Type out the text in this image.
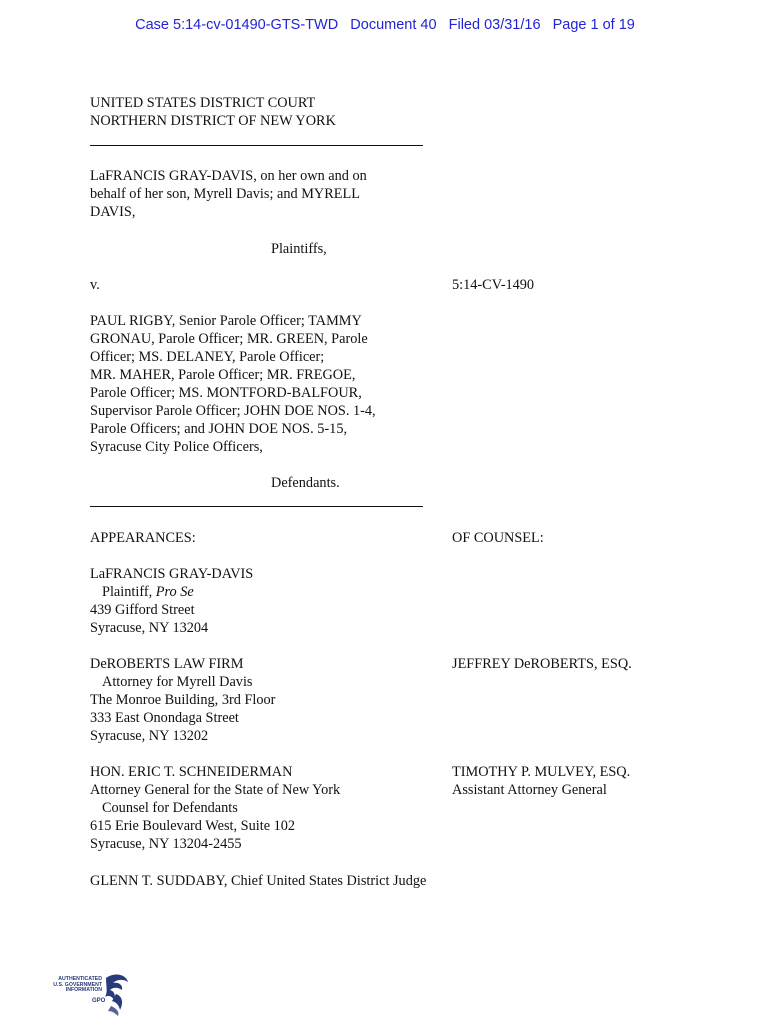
Case 5:14-cv-01490-GTS-TWD   Document 40   Filed 03/31/16   Page 1 of 19
UNITED STATES DISTRICT COURT
NORTHERN DISTRICT OF NEW YORK
LaFRANCIS GRAY-DAVIS, on her own and on
behalf of her son, Myrell Davis; and MYRELL
DAVIS,
Plaintiffs,
v.	5:14-CV-1490
PAUL RIGBY, Senior Parole Officer; TAMMY
GRONAU, Parole Officer; MR. GREEN, Parole
Officer; MS. DELANEY, Parole Officer;
MR. MAHER, Parole Officer; MR. FREGOE,
Parole Officer; MS. MONTFORD-BALFOUR,
Supervisor Parole Officer; JOHN DOE NOS. 1-4,
Parole Officers; and JOHN DOE NOS. 5-15,
Syracuse City Police Officers,
Defendants.
APPEARANCES:	OF COUNSEL:
LaFRANCIS GRAY-DAVIS
Plaintiff, Pro Se
439 Gifford Street
Syracuse, NY 13204
DeROBERTS LAW FIRM	JEFFREY DeROBERTS, ESQ.
Attorney for Myrell Davis
The Monroe Building, 3rd Floor
333 East Onondaga Street
Syracuse, NY 13202
HON. ERIC T. SCHNEIDERMAN	TIMOTHY P. MULVEY, ESQ.
Attorney General for the State of New York	Assistant Attorney General
Counsel for Defendants
615 Erie Boulevard West, Suite 102
Syracuse, NY 13204-2455
GLENN T. SUDDABY, Chief United States District Judge
AUTHENTICATED
U.S. GOVERNMENT
INFORMATION
GPO
